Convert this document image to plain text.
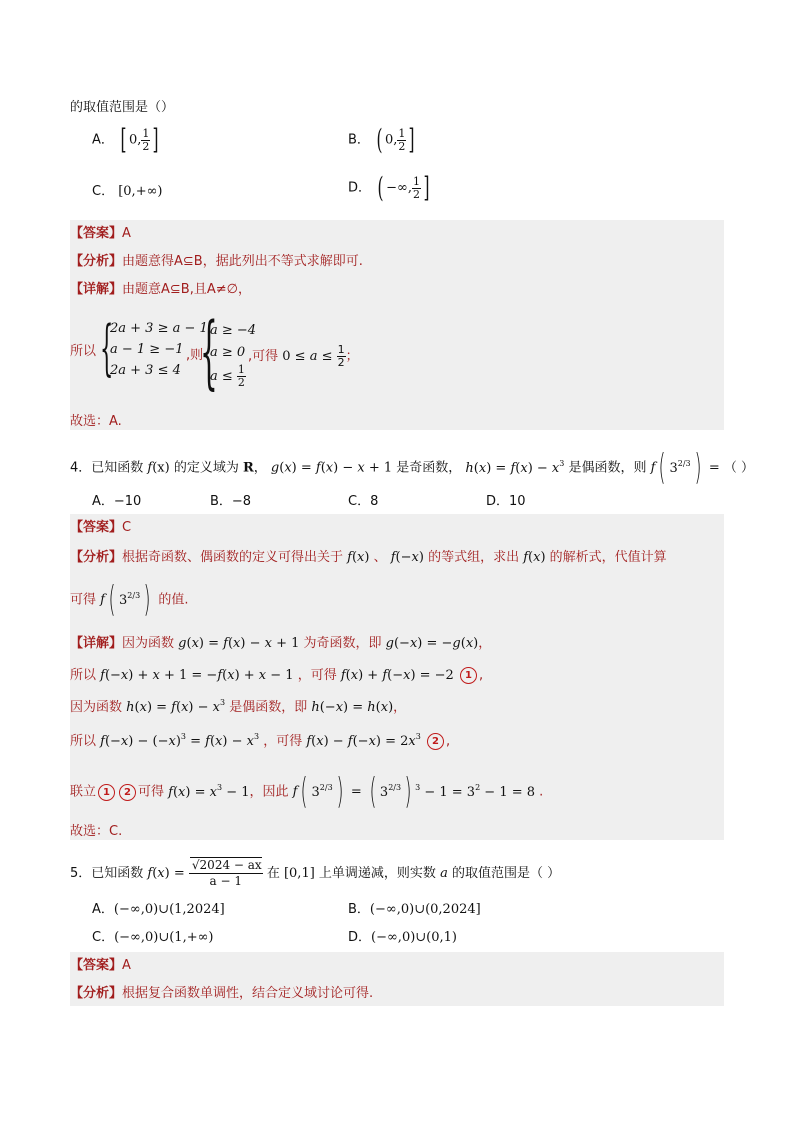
的取值范围是（）
A． [ 0, $\frac{1}{2}$ ]	B． ( 0, $\frac{1}{2}$ ]
C． [0,+∞)	D． ( −∞, $\frac{1}{2}$ ]
【答案】A
【分析】由题意得A⊆B，据此列出不等式求解即可.
【详解】由题意A⊆B,且A≠∅，
所以 {
2a + 3 ≥ a − 1
a − 1 ≥ −1
2a + 3 ≤ 4
,则
{
a ≥ −4
a ≥ 0
$a \le \frac{1}{2}$
,可得 $0 \le a \le \frac{1}{2}$ ；
故选：A.
4．已知函数 f(x) 的定义域为 R， g(x) = f(x) − x + 1 是奇函数， $h(x) = f(x) - x^3$ 是偶函数，则 f( $3^{2/3}$) = （ ）
A．−10	B．−8	C．8	D．10
【答案】C
【分析】根据奇函数、偶函数的定义可得出关于 f(x) 、 f(−x) 的等式组，求出 f(x) 的解析式，代值计算
可得 f( $3^{2/3}$) 的值.
【详解】因为函数 g(x) = f(x) − x + 1 为奇函数，即 g(−x) = −g(x)，
所以 f(−x) + x + 1 = −f(x) + x − 1 ，可得 f(x) + f(−x) = −2 1 ,
因为函数 $h(x) = f(x) - x^3$ 是偶函数，即 h(−x) = h(x)，
所以 $f(-x) - (-x)^3 = f(x) - x^3$ ，可得 $f(x) - f(-x) = 2x^3$ 2 ,
联立 1 2 可得 $f(x) = x^3 - 1$，因此 f( $3^{2/3}$) = ( $3^{2/3}$) $^3 - 1 = 3^2 - 1 = 8$ .
故选：C.
5．已知函数 $f(x) = \frac{√2024 - ax}{a - 1}$ 在 [0,1] 上单调递减，则实数 a 的取值范围是（ ）
A．(−∞,0)∪(1,2024]	B．(−∞,0)∪(0,2024]
C．(−∞,0)∪(1,+∞)	D．(−∞,0)∪(0,1)
【答案】A
【分析】根据复合函数单调性，结合定义域讨论可得.
